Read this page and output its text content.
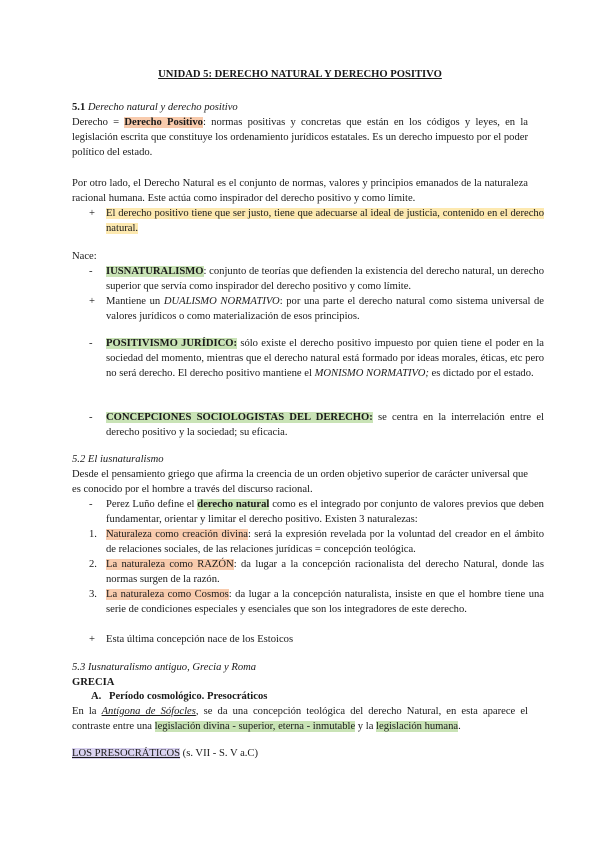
UNIDAD 5: DERECHO NATURAL Y DERECHO POSITIVO
5.1 Derecho natural y derecho positivo
Derecho = Derecho Positivo: normas positivas y concretas que están en los códigos y leyes, en la legislación escrita que constituye los ordenamiento jurídicos estatales. Es un derecho impuesto por el poder político del estado.
Por otro lado, el Derecho Natural es el conjunto de normas, valores y principios emanados de la naturaleza racional humana. Este actúa como inspirador del derecho positivo y como límite.
+ El derecho positivo tiene que ser justo, tiene que adecuarse al ideal de justicia, contenido en el derecho natural.
Nace:
- IUSNATURALISMO: conjunto de teorías que defienden la existencia del derecho natural, un derecho superior que servía como inspirador del derecho positivo y como límite.
+ Mantiene un DUALISMO NORMATIVO: por una parte el derecho natural como sistema universal de valores jurídicos o como materialización de esos principios.
- POSITIVISMO JURÍDICO: sólo existe el derecho positivo impuesto por quien tiene el poder en la sociedad del momento, mientras que el derecho natural está formado por ideas morales, éticas, etc pero no será derecho. El derecho positivo mantiene el MONISMO NORMATIVO; es dictado por el estado.
- CONCEPCIONES SOCIOLOGISTAS DEL DERECHO: se centra en la interrelación entre el derecho positivo y la sociedad; su eficacia.
5.2 El iusnaturalismo
Desde el pensamiento griego que afirma la creencia de un orden objetivo superior de carácter universal que es conocido por el hombre a través del discurso racional.
- Perez Luño define el derecho natural como es el integrado por conjunto de valores previos que deben fundamentar, orientar y limitar el derecho positivo. Existen 3 naturalezas:
1. Naturaleza como creación divina: será la expresión revelada por la voluntad del creador en el ámbito de relaciones sociales, de las relaciones jurídicas = concepción teológica.
2. La naturaleza como RAZÓN: da lugar a la concepción racionalista del derecho Natural, donde las normas surgen de la razón.
3. La naturaleza como Cosmos: da lugar a la concepción naturalista, insiste en que el hombre tiene una serie de condiciones especiales y esenciales que son los integradores de este derecho.
+ Esta última concepción nace de los Estoicos
5.3 Iusnaturalismo antiguo, Grecia y Roma
GRECIA
A. Período cosmológico. Presocráticos
En la Antígona de Sófocles, se da una concepción teológica del derecho Natural, en esta aparece el contraste entre una legislación divina - superior, eterna - inmutable y la legislación humana.
LOS PRESOCRÁTICOS (s. VII - S. V a.C)
